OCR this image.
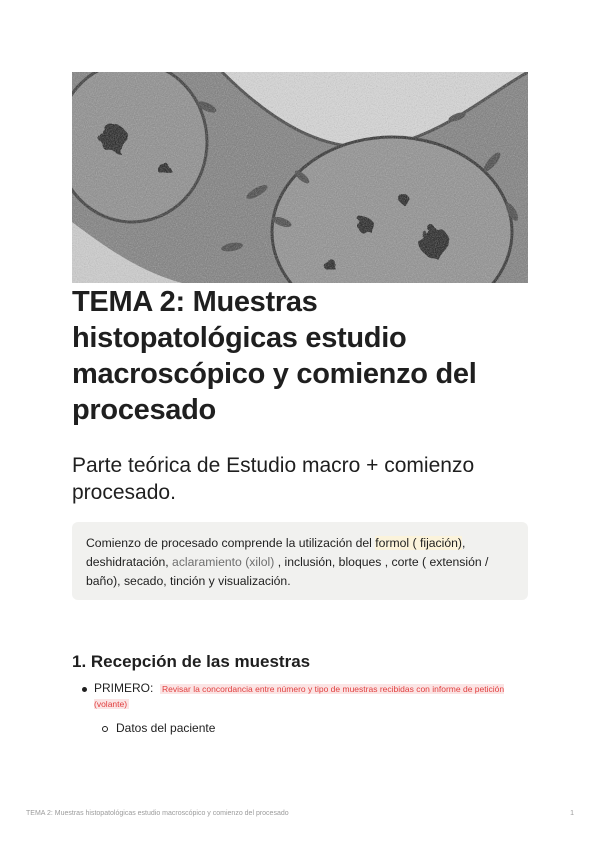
TEMA 2: Muestras histopatológicas estudio macroscópico y comienzo del procesado
Parte teórica de Estudio macro + comienzo procesado.
Comienzo de procesado comprende la utilización del formol ( fijación), deshidratación, aclaramiento (xilol) , inclusión, bloques , corte ( extensión / baño), secado, tinción y visualización.
1. Recepción de las muestras
PRIMERO: Revisar la concordancia entre número y tipo de muestras recibidas con informe de petición (volante)
Datos del paciente
TEMA 2: Muestras histopatológicas estudio macroscópico y comienzo del procesado	1
